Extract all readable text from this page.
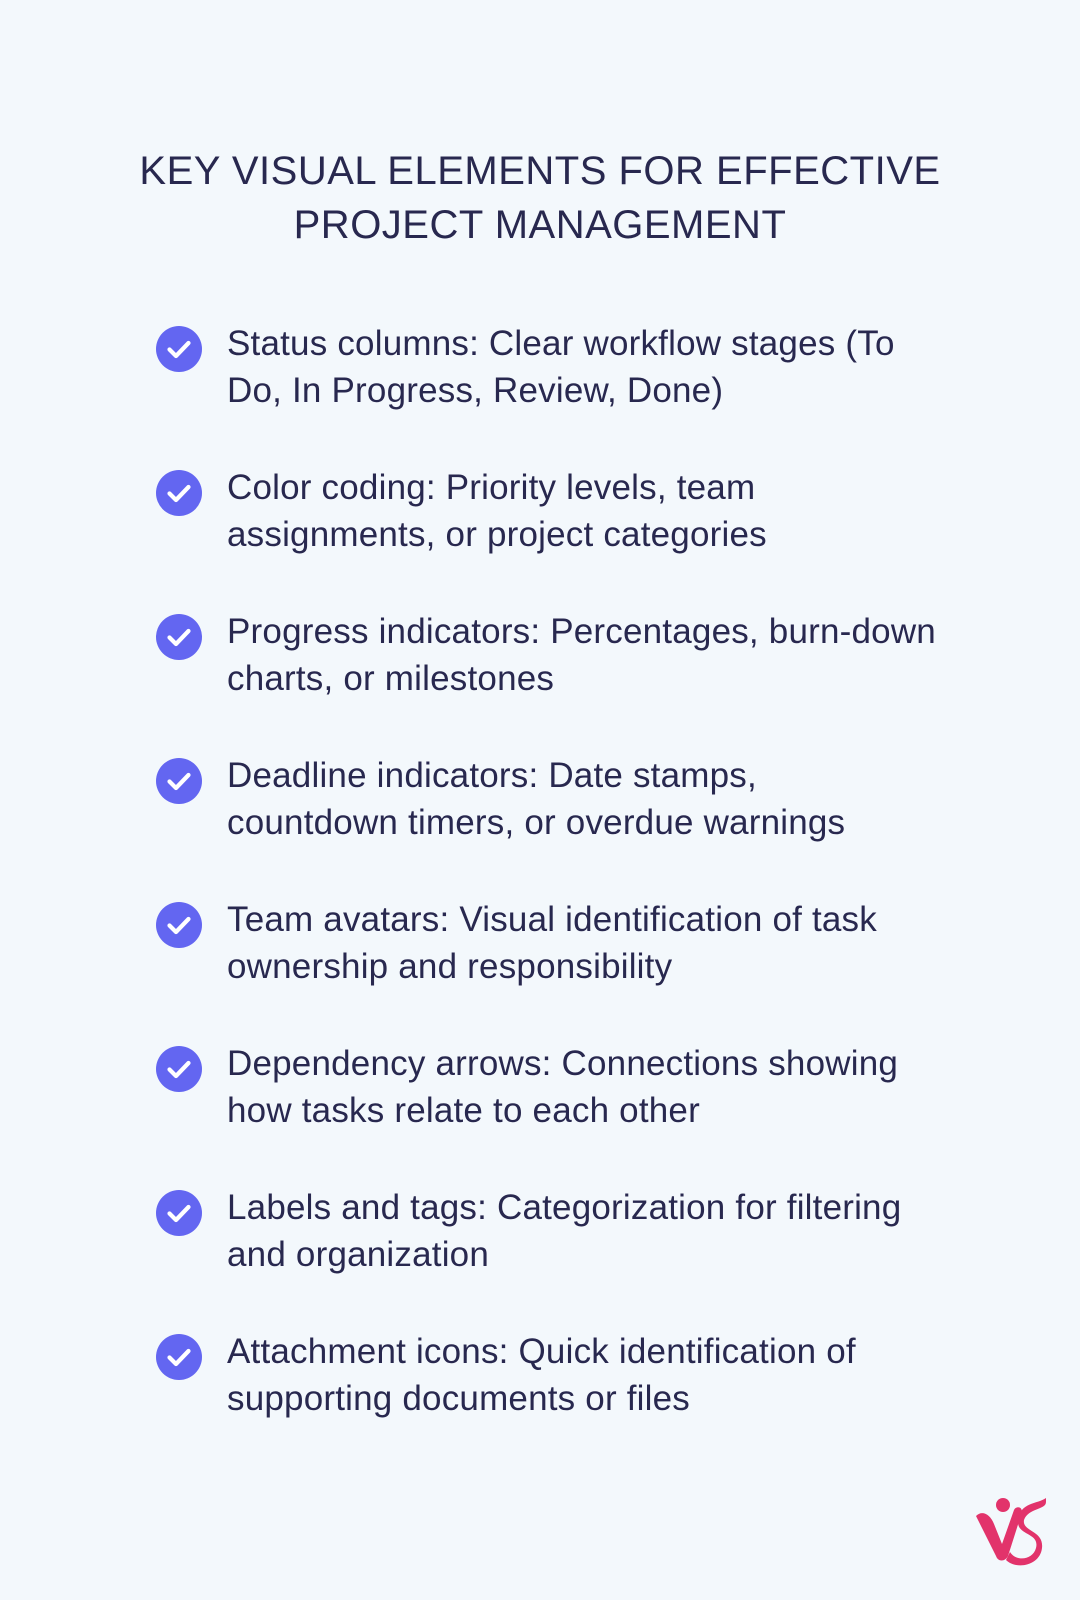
KEY VISUAL ELEMENTS FOR EFFECTIVE
PROJECT MANAGEMENT
Status columns: Clear workflow stages (To Do, In Progress, Review, Done)
Color coding: Priority levels, team assignments, or project categories
Progress indicators: Percentages, burn-down charts, or milestones
Deadline indicators: Date stamps, countdown timers, or overdue warnings
Team avatars: Visual identification of task ownership and responsibility
Dependency arrows: Connections showing how tasks relate to each other
Labels and tags: Categorization for filtering and organization
Attachment icons: Quick identification of supporting documents or files
